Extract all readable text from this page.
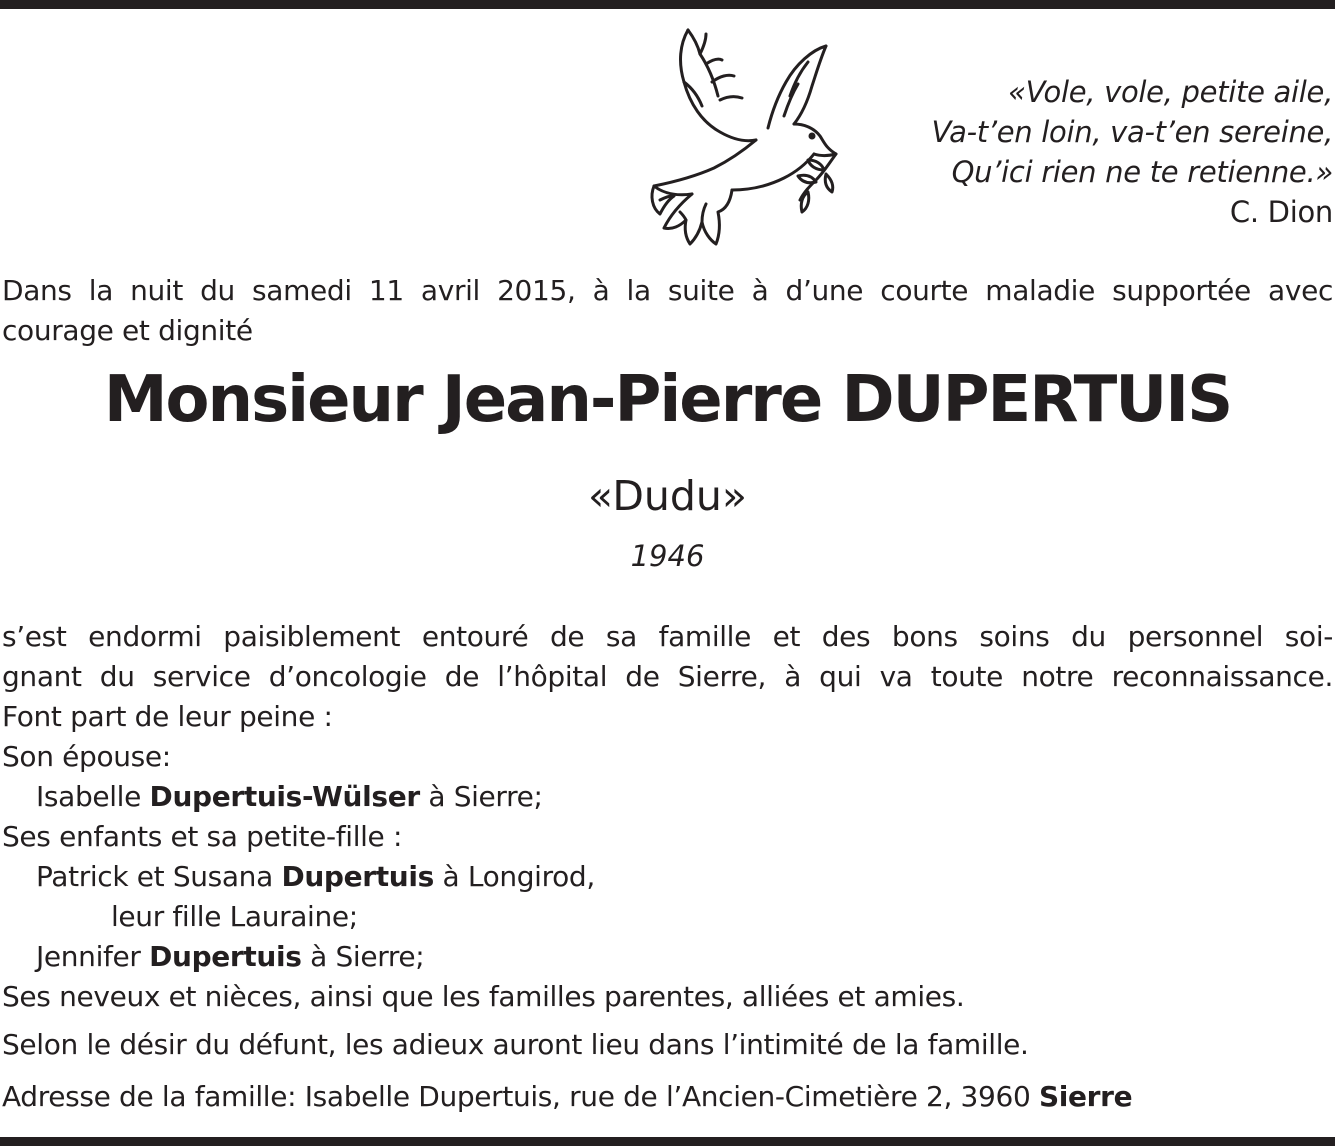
«Vole, vole, petite aile,
Va-t’en loin, va-t’en sereine,
Qu’ici rien ne te retienne.»
C. Dion
Dans la nuit du samedi 11 avril 2015, à la suite à d’une courte maladie supportée avec
courage et dignité
Monsieur Jean-Pierre DUPERTUIS
«Dudu»
1946
s’est endormi paisiblement entouré de sa famille et des bons soins du personnel soi-
gnant du service d’oncologie de l’hôpital de Sierre, à qui va toute notre reconnaissance.
Font part de leur peine :
Son épouse:
Isabelle Dupertuis-Wülser à Sierre;
Ses enfants et sa petite-fille :
Patrick et Susana Dupertuis à Longirod,
leur fille Lauraine;
Jennifer Dupertuis à Sierre;
Ses neveux et nièces, ainsi que les familles parentes, alliées et amies.
Selon le désir du défunt, les adieux auront lieu dans l’intimité de la famille.
Adresse de la famille: Isabelle Dupertuis, rue de l’Ancien-Cimetière 2, 3960 Sierre
